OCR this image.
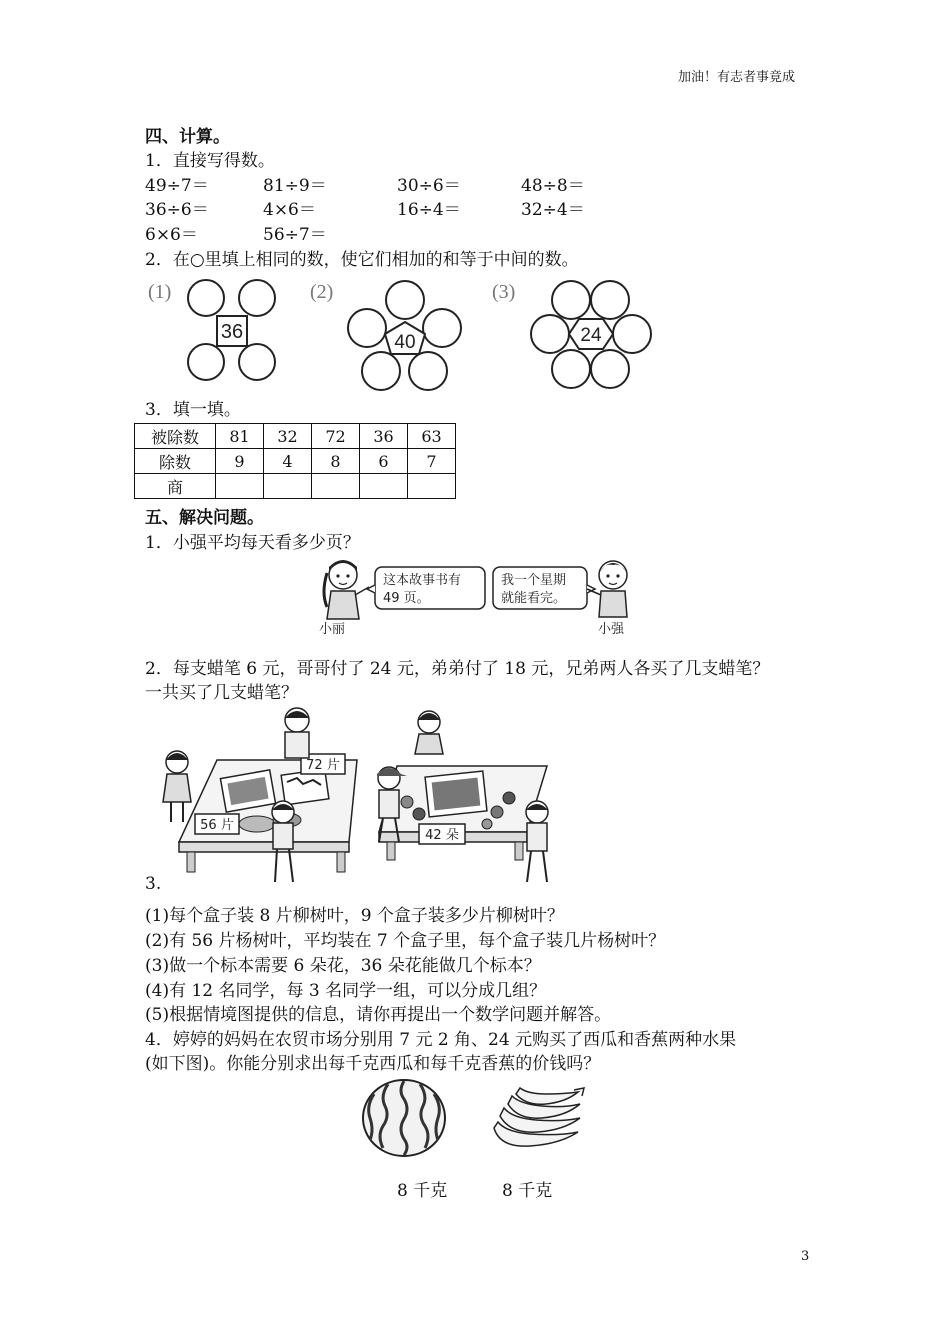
加油！有志者事竟成
四、计算。
1．直接写得数。
49÷7＝	81÷9＝	30÷6＝	48÷8＝
36÷6＝	4×6＝	16÷4＝	32÷4＝
6×6＝	56÷7＝
2．在○里填上相同的数，使它们相加的和等于中间的数。
(1)
36
(2)
40
(3)
24
3．填一填。
被除数	81	32	72	36	63
除数	9	4	8	6	7
商					
五、解决问题。
1．小强平均每天看多少页？
小丽
这本故事书有
49 页。
我一个星期
就能看完。
小强
2．每支蜡笔 6 元，哥哥付了 24 元，弟弟付了 18 元，兄弟两人各买了几支蜡笔？
一共买了几支蜡笔？
72 片
56 片
42 朵
3.
(1)每个盒子装 8 片柳树叶，9 个盒子装多少片柳树叶？
(2)有 56 片杨树叶，平均装在 7 个盒子里，每个盒子装几片杨树叶？
(3)做一个标本需要 6 朵花，36 朵花能做几个标本？
(4)有 12 名同学，每 3 名同学一组，可以分成几组？
(5)根据情境图提供的信息，请你再提出一个数学问题并解答。
4．婷婷的妈妈在农贸市场分别用 7 元 2 角、24 元购买了西瓜和香蕉两种水果
(如下图)。你能分别求出每千克西瓜和每千克香蕉的价钱吗？
8 千克	8 千克
3
